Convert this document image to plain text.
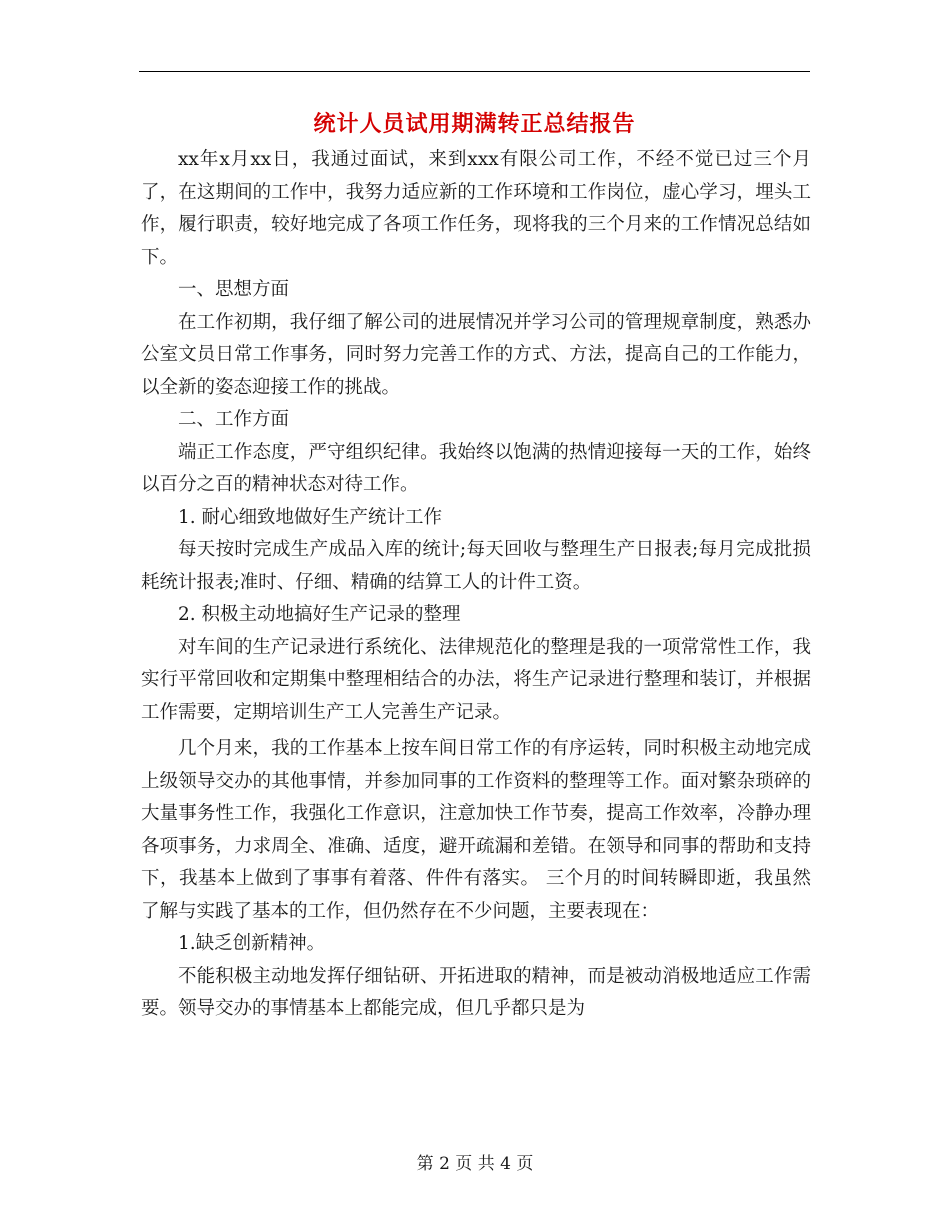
统计人员试用期满转正总结报告

xx年x月xx日，我通过面试，来到xxx有限公司工作，不经不觉已过三个月了，在这期间的工作中，我努力适应新的工作环境和工作岗位，虚心学习，埋头工作，履行职责，较好地完成了各项工作任务，现将我的三个月来的工作情况总结如下。

一、思想方面

在工作初期，我仔细了解公司的进展情况并学习公司的管理规章制度，熟悉办公室文员日常工作事务，同时努力完善工作的方式、方法，提高自己的工作能力，以全新的姿态迎接工作的挑战。

二、工作方面

端正工作态度，严守组织纪律。我始终以饱满的热情迎接每一天的工作，始终以百分之百的精神状态对待工作。

1. 耐心细致地做好生产统计工作

每天按时完成生产成品入库的统计;每天回收与整理生产日报表;每月完成批损耗统计报表;准时、仔细、精确的结算工人的计件工资。

2. 积极主动地搞好生产记录的整理

对车间的生产记录进行系统化、法律规范化的整理是我的一项常常性工作，我实行平常回收和定期集中整理相结合的办法，将生产记录进行整理和装订，并根据工作需要，定期培训生产工人完善生产记录。

几个月来，我的工作基本上按车间日常工作的有序运转，同时积极主动地完成上级领导交办的其他事情，并参加同事的工作资料的整理等工作。面对繁杂琐碎的大量事务性工作，我强化工作意识，注意加快工作节奏，提高工作效率，冷静办理各项事务，力求周全、准确、适度，避开疏漏和差错。在领导和同事的帮助和支持下，我基本上做到了事事有着落、件件有落实。 三个月的时间转瞬即逝，我虽然了解与实践了基本的工作，但仍然存在不少问题，主要表现在：

1.缺乏创新精神。

不能积极主动地发挥仔细钻研、开拓进取的精神，而是被动消极地适应工作需要。领导交办的事情基本上都能完成，但几乎都只是为

第 2 页 共 4 页
